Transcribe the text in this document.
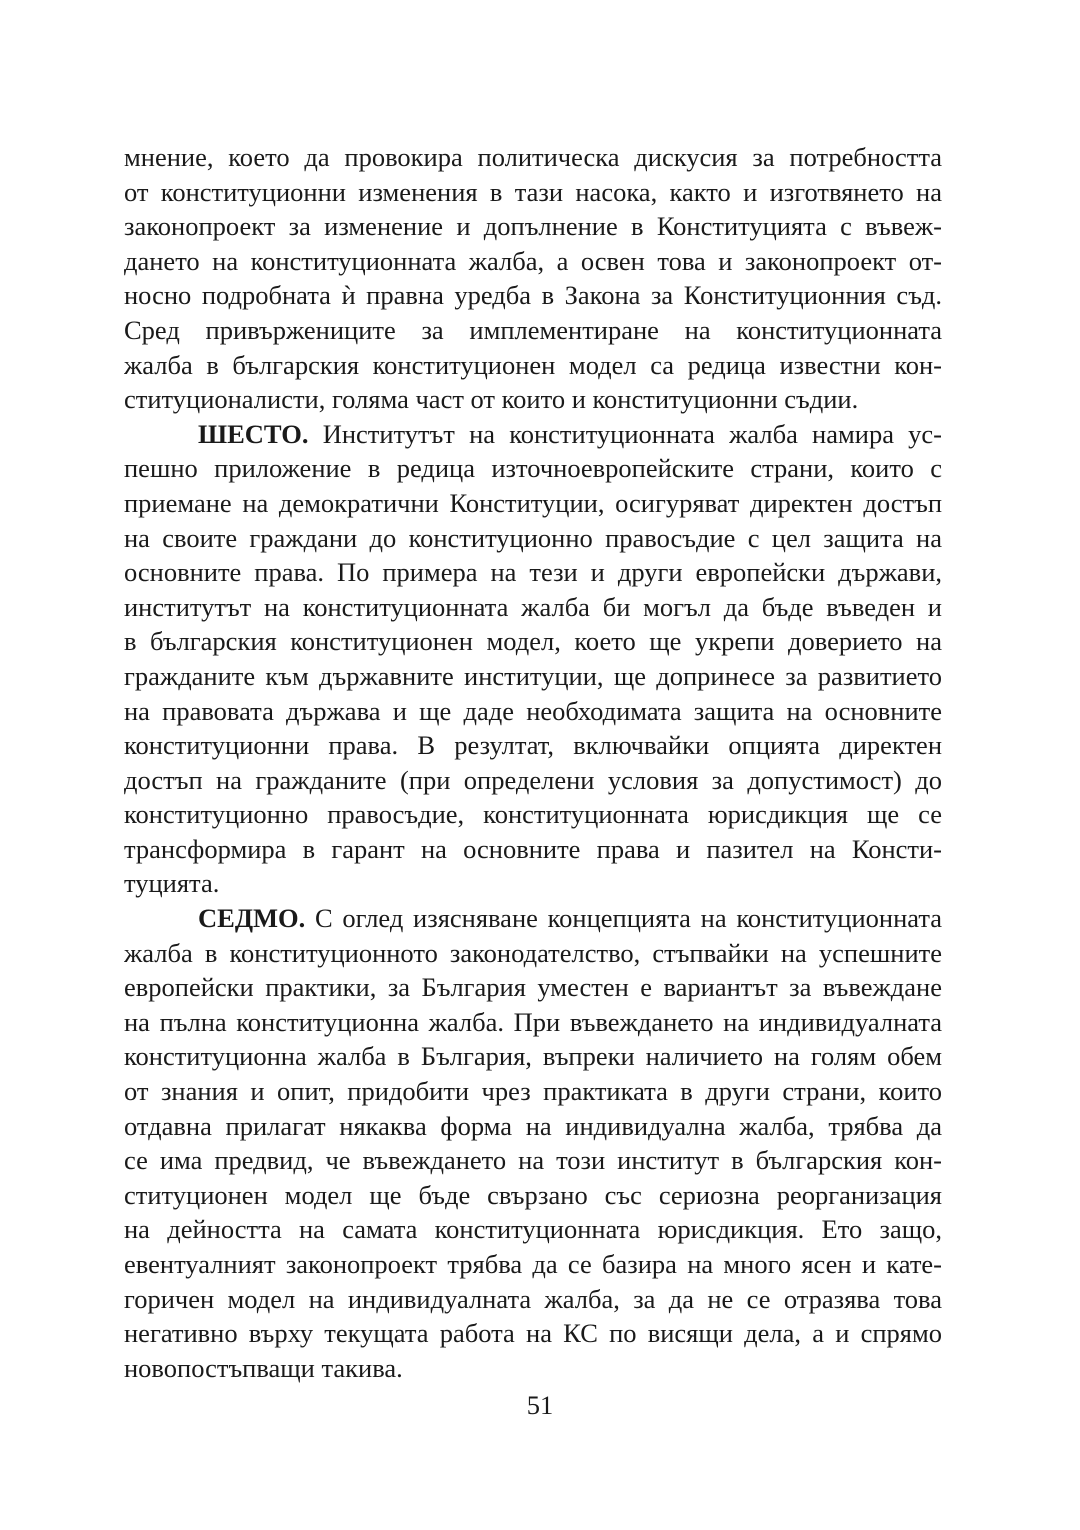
мнение, което да провокира политическа дискусия за потребността
от конституционни изменения в тази насока, както и изготвянето на
законопроект за изменение и допълнение в Конституцията с въвеж-
дането на конституционната жалба, а освен това и законопроект от-
носно подробната ѝ правна уредба в Закона за Конституционния съд.
Сред привържениците за имплементиране на конституционната
жалба в българския конституционен модел са редица известни кон-
ституционалисти, голяма част от които и конституционни съдии.
ШЕСТО. Институтът на конституционната жалба намира ус-
пешно приложение в редица източноевропейските страни, които с
приемане на демократични Конституции, осигуряват директен достъп
на своите граждани до конституционно правосъдие с цел защита на
основните права. По примера на тези и други европейски държави,
институтът на конституционната жалба би могъл да бъде въведен и
в българския конституционен модел, което ще укрепи доверието на
гражданите към държавните институции, ще допринесе за развитието
на правовата държава и ще даде необходимата защита на основните
конституционни права. В резултат, включвайки опцията директен
достъп на гражданите (при определени условия за допустимост) до
конституционно правосъдие, конституционната юрисдикция ще се
трансформира в гарант на основните права и пазител на Консти-
туцията.
СЕДМО. С оглед изясняване концепцията на конституционната
жалба в конституционното законодателство, стъпвайки на успешните
европейски практики, за България уместен е вариантът за въвеждане
на пълна конституционна жалба. При въвеждането на индивидуалната
конституционна жалба в България, въпреки наличието на голям обем
от знания и опит, придобити чрез практиката в други страни, които
отдавна прилагат някаква форма на индивидуална жалба, трябва да
се има предвид, че въвеждането на този институт в българския кон-
ституционен модел ще бъде свързано със сериозна реорганизация
на дейността на самата конституционната юрисдикция. Ето защо,
евентуалният законопроект трябва да се базира на много ясен и кате-
горичен модел на индивидуалната жалба, за да не се отразява това
негативно върху текущата работа на КС по висящи дела, а и спрямо
новопостъпващи такива.
51
